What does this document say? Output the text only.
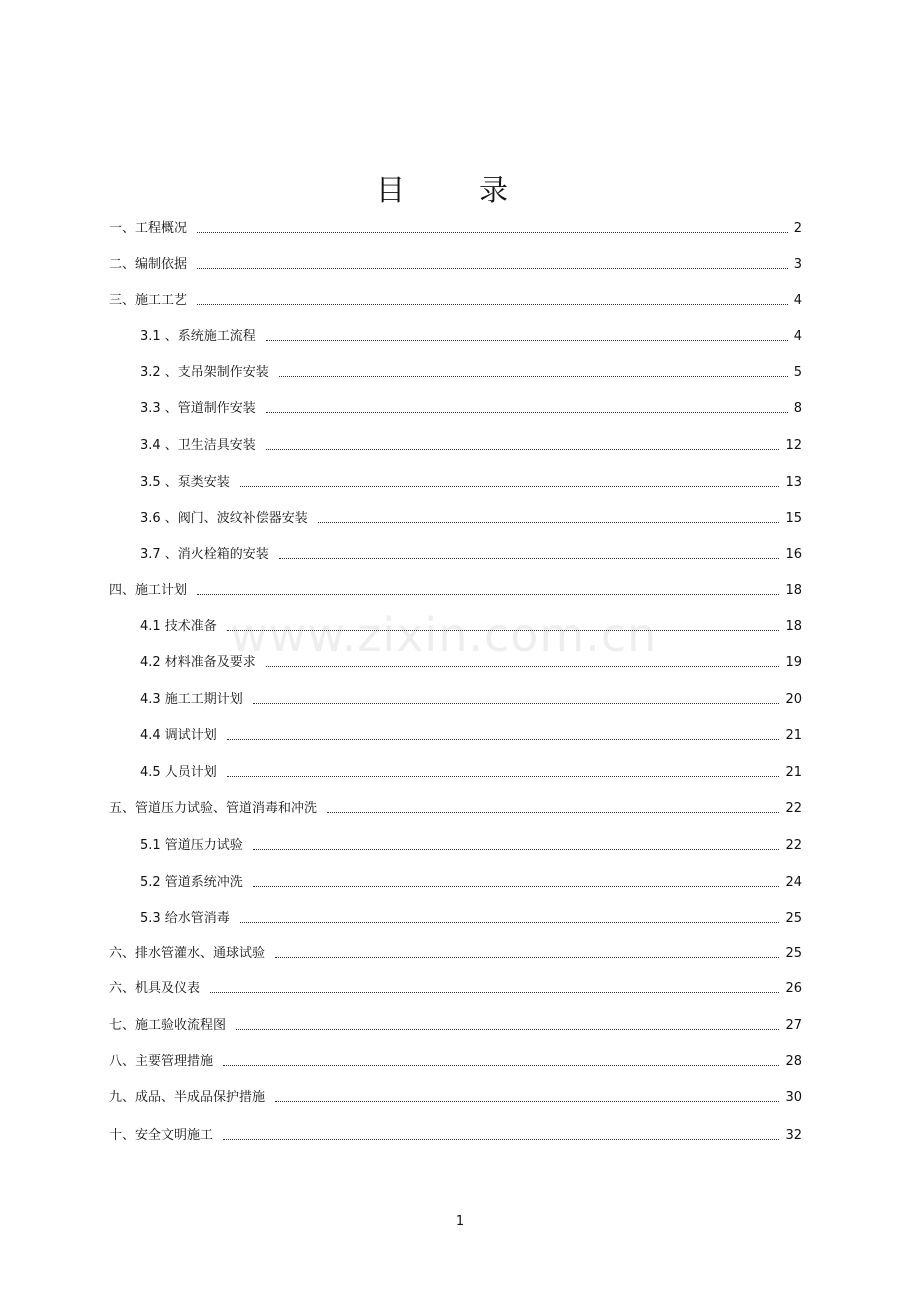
目	录
www.zixin.com.cn
一、工程概况	2
二、编制依据	3
三、施工工艺	4
3.1 、系统施工流程	4
3.2 、支吊架制作安装	5
3.3 、管道制作安装	8
3.4 、卫生洁具安装	12
3.5 、泵类安装	13
3.6 、阀门、波纹补偿器安装	15
3.7 、消火栓箱的安装	16
四、施工计划	18
4.1 技术准备	18
4.2 材料准备及要求	19
4.3 施工工期计划	20
4.4 调试计划	21
4.5 人员计划	21
五、管道压力试验、管道消毒和冲洗	22
5.1 管道压力试验	22
5.2 管道系统冲洗	24
5.3 给水管消毒	25
六、排水管灌水、通球试验	25
六、机具及仪表	26
七、施工验收流程图	27
八、主要管理措施	28
九、成品、半成品保护措施	30
十、安全文明施工	32
1
